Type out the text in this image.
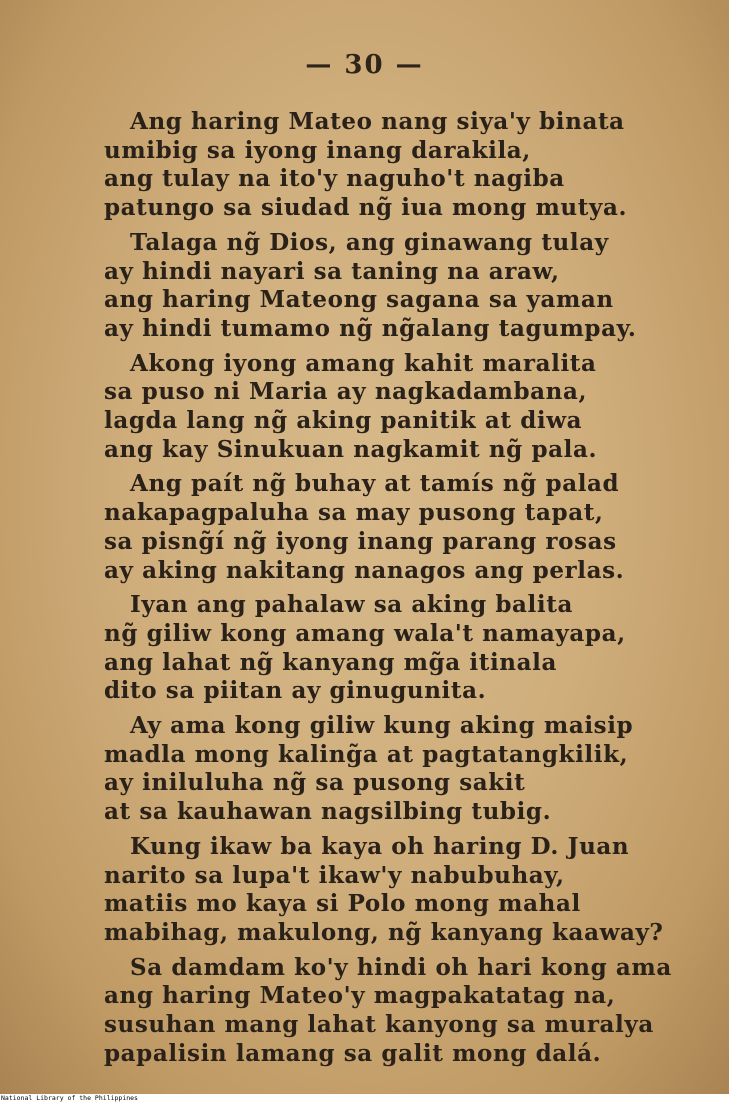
— 30 —
Ang haring Mateo nang siya'y binata
umibig sa iyong inang darakila,
ang tulay na ito'y naguho't nagiba
patungo sa siudad ng̃ iua mong mutya.
Talaga ng̃ Dios, ang ginawang tulay
ay hindi nayari sa taning na araw,
ang haring Mateong sagana sa yaman
ay hindi tumamo ng̃ ng̃alang tagumpay.
Akong iyong amang kahit maralita
sa puso ni Maria ay nagkadambana,
lagda lang ng̃ aking panitik at diwa
ang kay Sinukuan nagkamit ng̃ pala.
Ang paít ng̃ buhay at tamís ng̃ palad
nakapagpaluha sa may pusong tapat,
sa pisng̃í ng̃ iyong inang parang rosas
ay aking nakitang nanagos ang perlas.
Iyan ang pahalaw sa aking balita
ng̃ giliw kong amang wala't namayapa,
ang lahat ng̃ kanyang mg̃a itinala
dito sa piitan ay ginugunita.
Ay ama kong giliw kung aking maisip
madla mong kaling̃a at pagtatangkilik,
ay iniluluha ng̃ sa pusong sakit
at sa kauhawan nagsilbing tubig.
Kung ikaw ba kaya oh haring D. Juan
narito sa lupa't ikaw'y nabubuhay,
matiis mo kaya si Polo mong mahal
mabihag, makulong, ng̃ kanyang kaaway?
Sa damdam ko'y hindi oh hari kong ama
ang haring Mateo'y magpakatatag na,
susuhan mang lahat kanyong sa muralya
papalisin lamang sa galit mong dalá.
National Library of the Philippines
